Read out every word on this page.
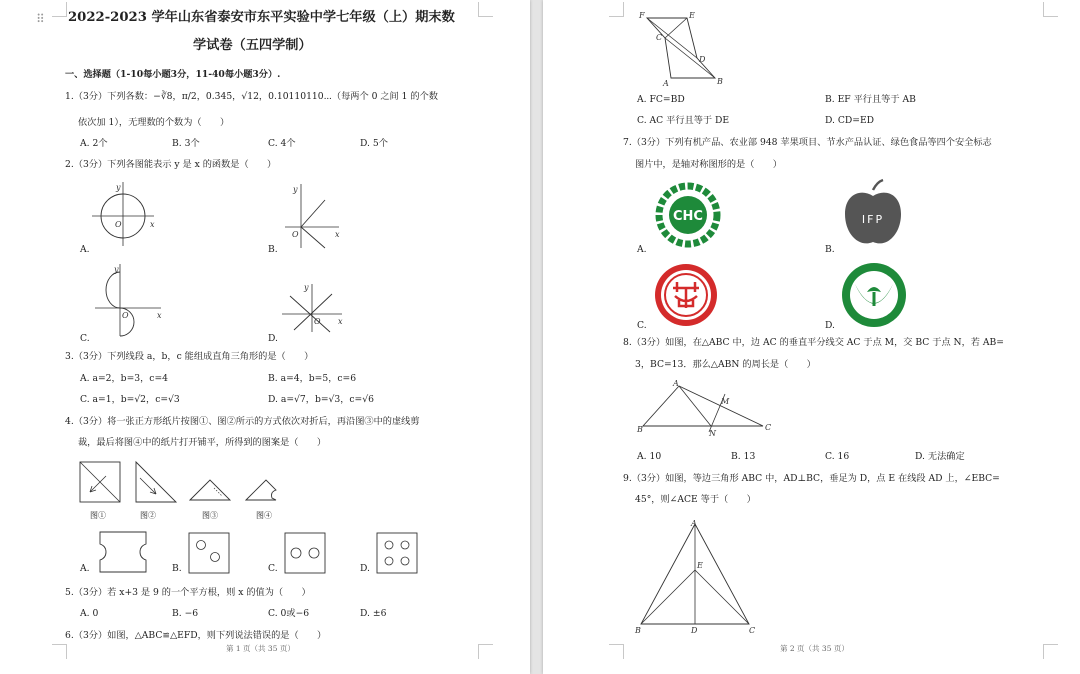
⠿ 2022-2023 学年山东省泰安市东平实验中学七年级（上）期末数
学试卷（五四学制）
一、选择题（1-10每小题3分，11-40每小题3分）.
1.（3分）下列各数：−∛8，π/2，0.3̇45̇，√12，0.10110110⋯（每两个 0 之间 1 的个数
依次加 1），无理数的个数为（　　）
A. 2个	B. 3个	C. 4个	D. 5个
2.（3分）下列各图能表示 y 是 x 的函数是（　　）
y
x
O
A.
y
x
O
B.
y
x
O
C.
y
x
O
D.
3.（3分）下列线段 a，b，c 能组成直角三角形的是（　　）
A. a=2，b=3，c=4	B. a=4，b=5，c=6
C. a=1，b=√2，c=√3	D. a=√7，b=√3，c=√6
4.（3分）将一张正方形纸片按图①、图②所示的方式依次对折后，再沿图③中的虚线剪
裁，最后将图④中的纸片打开铺平，所得到的图案是（　　）
图①	图②	图③	图④
A.	B.	C.	D.
5.（3分）若 x+3 是 9 的一个平方根，则 x 的值为（　　）
A. 0	B. −6	C. 0或−6	D. ±6
6.（3分）如图，△ABC≌△EFD，则下列说法错误的是（　　）
第 1 页（共 35 页）
F	E
C
D
A	B
A. FC=BD	B. EF 平行且等于 AB
C. AC 平行且等于 DE	D. CD=ED
7.（3分）下列有机产品、农业部 948 苹果项目、节水产品认证、绿色食品等四个安全标志
图片中，是轴对称图形的是（　　）
CHC
A.
IFP
B.
C.	D.
8.（3分）如图，在△ABC 中，边 AC 的垂直平分线交 AC 于点 M，交 BC 于点 N，若 AB=
3，BC=13．那么△ABN 的周长是（　　）
A
M
B	N
C
A. 10	B. 13	C. 16	D. 无法确定
9.（3分）如图，等边三角形 ABC 中，AD⊥BC，垂足为 D，点 E 在线段 AD 上，∠EBC=
45°，则∠ACE 等于（　　）
A
E
B	D	C
第 2 页（共 35 页）
